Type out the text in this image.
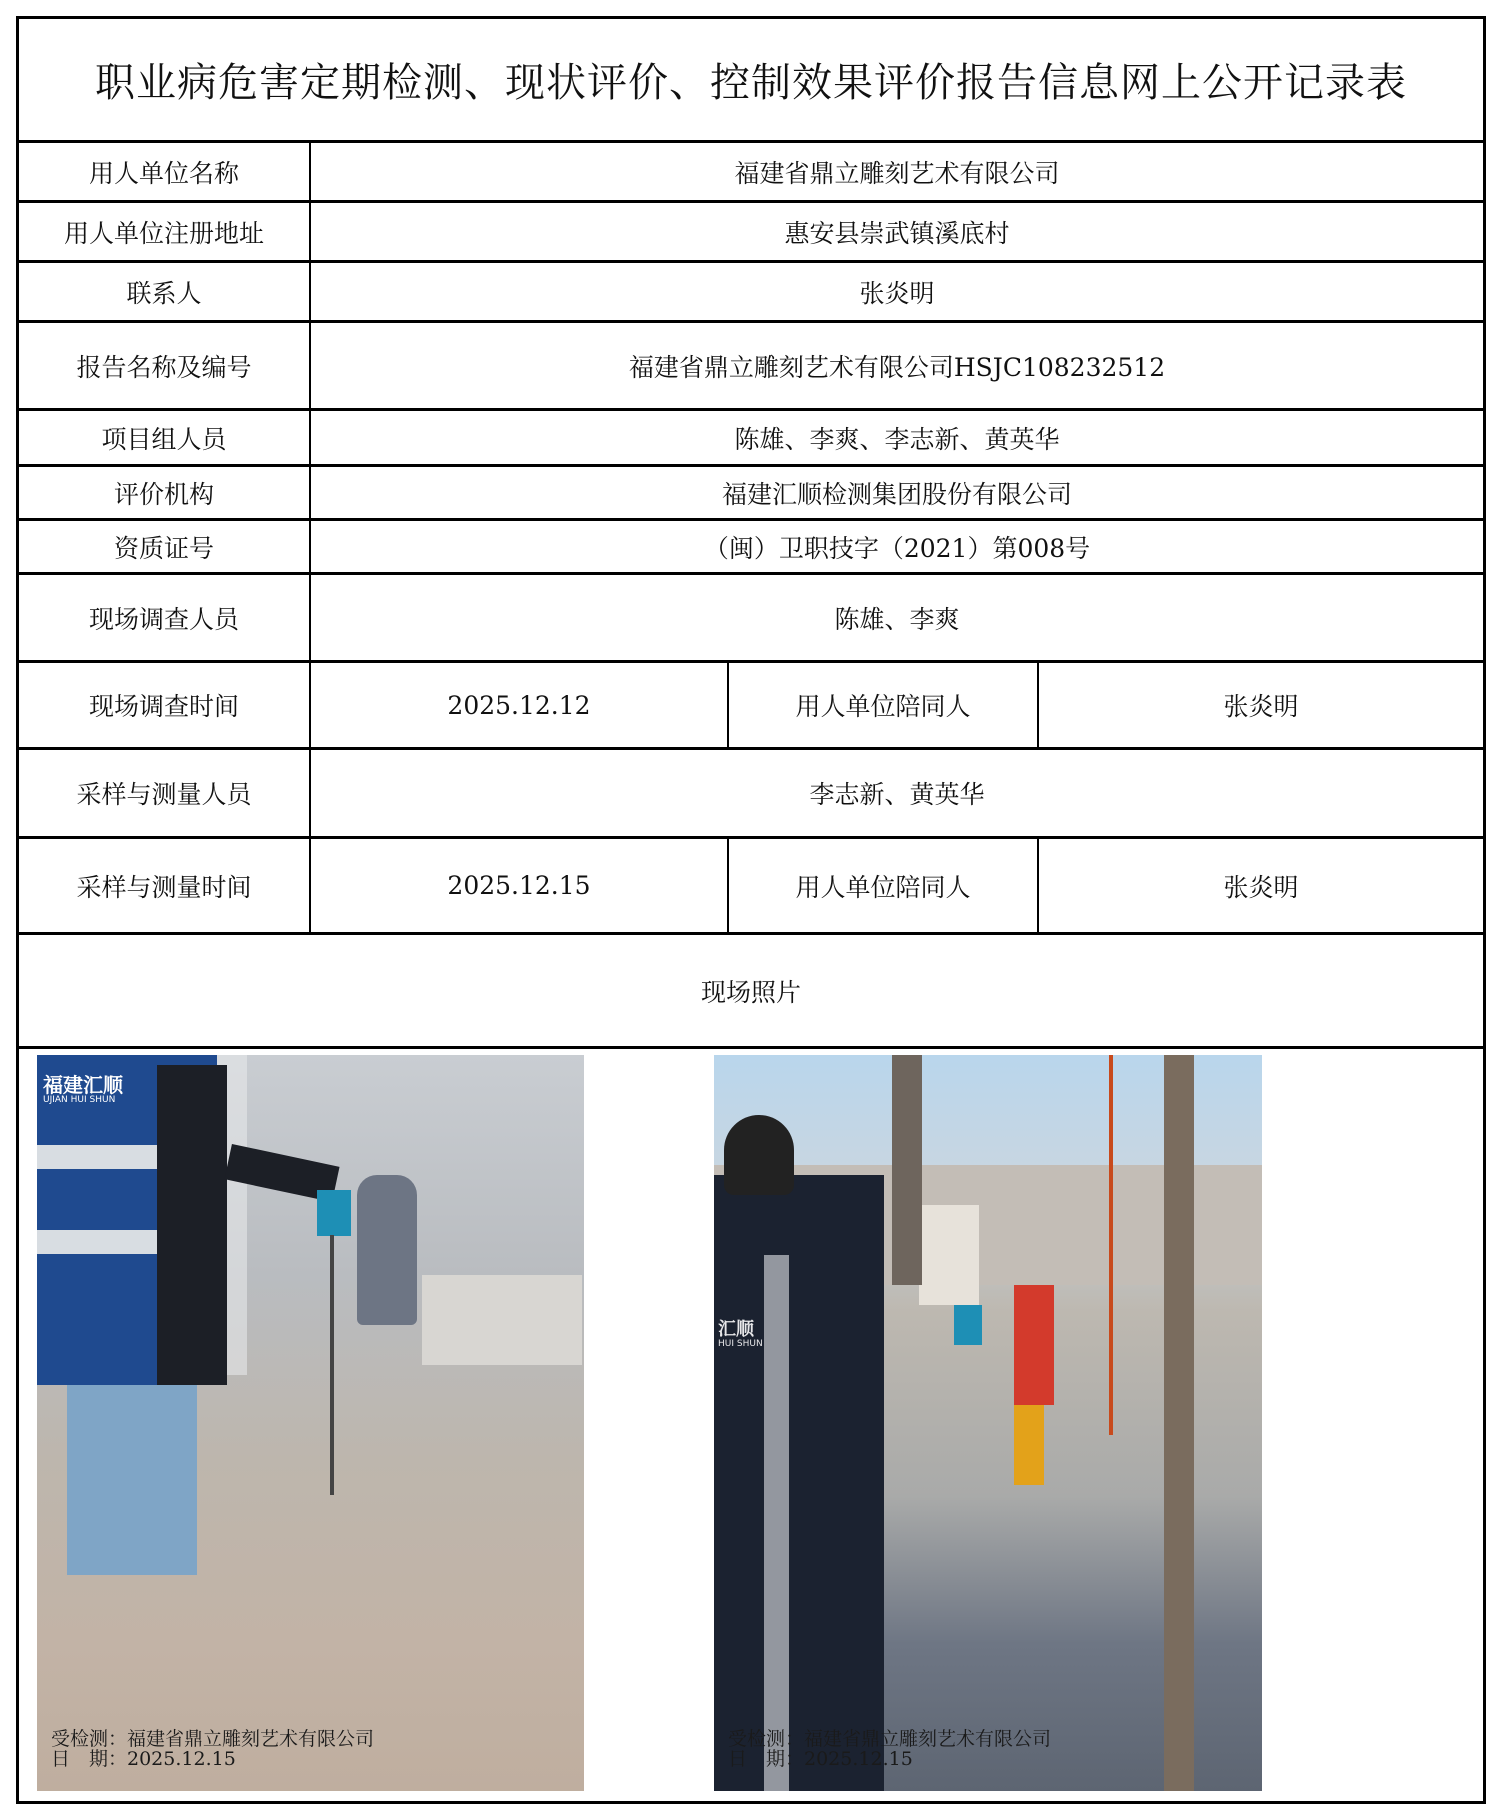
职业病危害定期检测、现状评价、控制效果评价报告信息网上公开记录表
用人单位名称	福建省鼎立雕刻艺术有限公司
用人单位注册地址	惠安县崇武镇溪底村
联系人	张炎明
报告名称及编号	福建省鼎立雕刻艺术有限公司HSJC108232512
项目组人员	陈雄、李爽、李志新、黄英华
评价机构	福建汇顺检测集团股份有限公司
资质证号	（闽）卫职技字（2021）第008号
现场调查人员	陈雄、李爽
现场调查时间	2025.12.12	用人单位陪同人	张炎明
采样与测量人员	李志新、黄英华
采样与测量时间	2025.12.15	用人单位陪同人	张炎明
现场照片
福建汇顺
UJIAN HUI SHUN
受检测：福建省鼎立雕刻艺术有限公司
日　期：2025.12.15
汇顺
HUI SHUN
受检测：福建省鼎立雕刻艺术有限公司
日　期：2025.12.15
